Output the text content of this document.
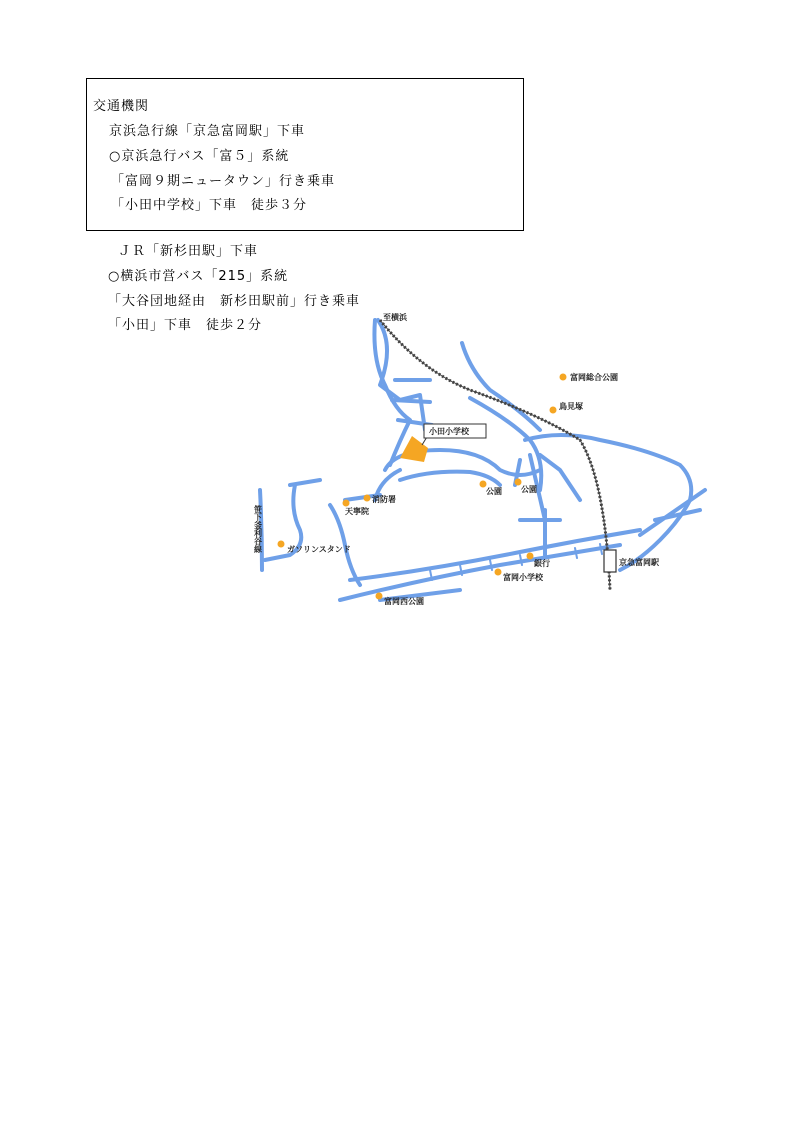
交通機関
京浜急行線「京急富岡駅」下車
○京浜急行バス「富５」系統
「富岡９期ニュータウン」行き乗車
「小田中学校」下車　徒歩３分
ＪＲ「新杉田駅」下車
○横浜市営バス「215」系統
「大谷団地経由　新杉田駅前」行き乗車
「小田」下車　徒歩２分
至横浜
富岡総合公園
鳥見塚
小田小学校
公園 公園
消防署
天寧院
ガソリンスタンド
銀行
富岡小学校
富岡西公園
京急富岡駅
笹下釜利谷線
